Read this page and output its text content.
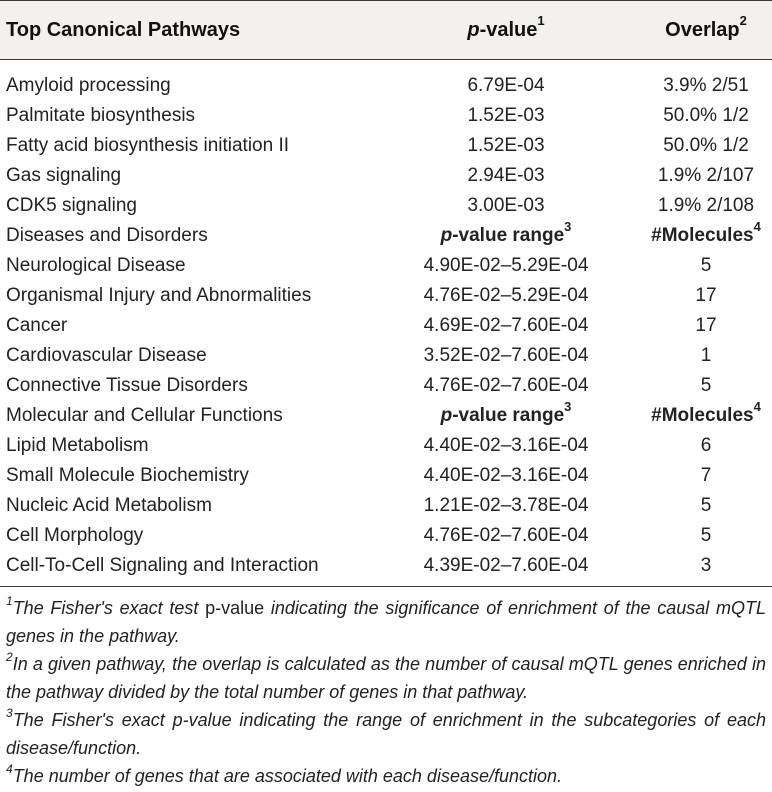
Top Canonical Pathways	p-value$^1$	Overlap$^2$
Amyloid processing	6.79E-04	3.9% 2/51
Palmitate biosynthesis	1.52E-03	50.0% 1/2
Fatty acid biosynthesis initiation II	1.52E-03	50.0% 1/2
Gas signaling	2.94E-03	1.9% 2/107
CDK5 signaling	3.00E-03	1.9% 2/108
Diseases and Disorders	p-value range$^3$	#Molecules$^4$
Neurological Disease	4.90E-02–5.29E-04	5
Organismal Injury and Abnormalities	4.76E-02–5.29E-04	17
Cancer	4.69E-02–7.60E-04	17
Cardiovascular Disease	3.52E-02–7.60E-04	1
Connective Tissue Disorders	4.76E-02–7.60E-04	5
Molecular and Cellular Functions	p-value range$^3$	#Molecules$^4$
Lipid Metabolism	4.40E-02–3.16E-04	6
Small Molecule Biochemistry	4.40E-02–3.16E-04	7
Nucleic Acid Metabolism	1.21E-02–3.78E-04	5
Cell Morphology	4.76E-02–7.60E-04	5
Cell-To-Cell Signaling and Interaction	4.39E-02–7.60E-04	3

$^1$The Fisher's exact test p-value indicating the significance of enrichment of the causal mQTL genes in the pathway.

$^2$In a given pathway, the overlap is calculated as the number of causal mQTL genes enriched in the pathway divided by the total number of genes in that pathway.

$^3$The Fisher's exact p-value indicating the range of enrichment in the subcategories of each disease/function.

$^4$The number of genes that are associated with each disease/function.
